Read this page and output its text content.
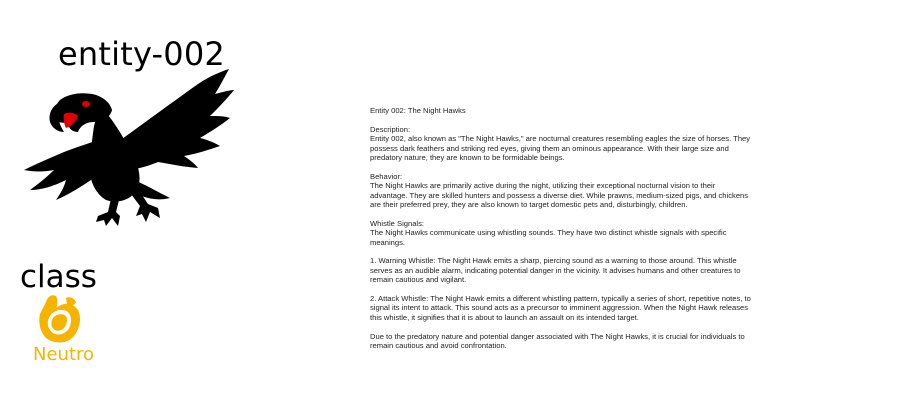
entity-002
class
Neutro

Entity 002: The Night Hawks

Description:
Entity 002, also known as "The Night Hawks," are nocturnal creatures resembling eagles the size of horses. They possess dark feathers and striking red eyes, giving them an ominous appearance. With their large size and predatory nature, they are known to be formidable beings.

Behavior:
The Night Hawks are primarily active during the night, utilizing their exceptional nocturnal vision to their advantage. They are skilled hunters and possess a diverse diet. While prawns, medium-sized pigs, and chickens are their preferred prey, they are also known to target domestic pets and, disturbingly, children.

Whistle Signals:
The Night Hawks communicate using whistling sounds. They have two distinct whistle signals with specific meanings.

1. Warning Whistle: The Night Hawk emits a sharp, piercing sound as a warning to those around. This whistle serves as an audible alarm, indicating potential danger in the vicinity. It advises humans and other creatures to remain cautious and vigilant.

2. Attack Whistle: The Night Hawk emits a different whistling pattern, typically a series of short, repetitive notes, to signal its intent to attack. This sound acts as a precursor to imminent aggression. When the Night Hawk releases this whistle, it signifies that it is about to launch an assault on its intended target.

Due to the predatory nature and potential danger associated with The Night Hawks, it is crucial for individuals to remain cautious and avoid confrontation.
